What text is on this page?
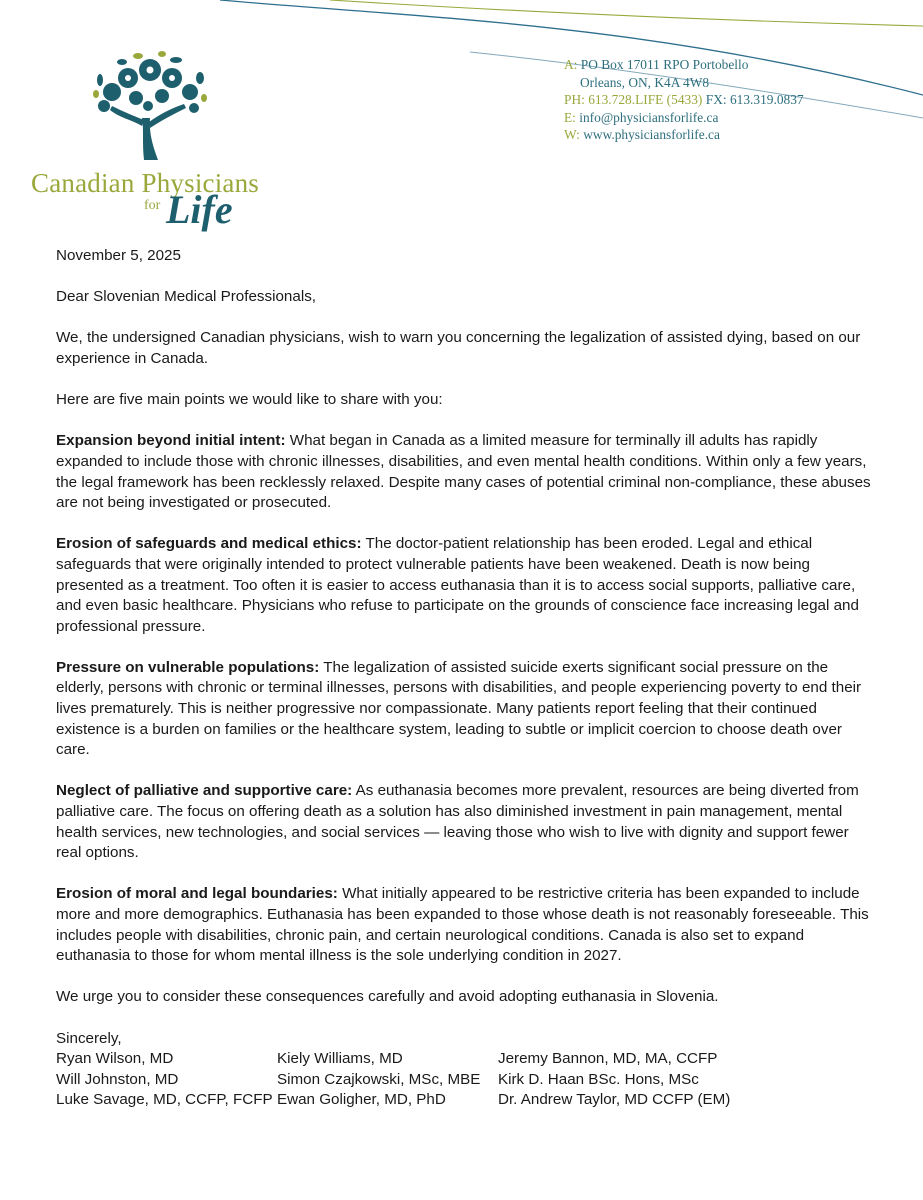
Canadian Physicians
for Life
A: PO Box 17011 RPO Portobello
Orleans, ON, K4A 4W8
PH: 613.728.LIFE (5433) FX: 613.319.0837
E: info@physiciansforlife.ca
W: www.physiciansforlife.ca

November 5, 2025

Dear Slovenian Medical Professionals,

We, the undersigned Canadian physicians, wish to warn you concerning the legalization of assisted dying, based on our experience in Canada.

Here are five main points we would like to share with you:

Expansion beyond initial intent: What began in Canada as a limited measure for terminally ill adults has rapidly expanded to include those with chronic illnesses, disabilities, and even mental health conditions. Within only a few years, the legal framework has been recklessly relaxed. Despite many cases of potential criminal non-compliance, these abuses are not being investigated or prosecuted.

Erosion of safeguards and medical ethics: The doctor-patient relationship has been eroded. Legal and ethical safeguards that were originally intended to protect vulnerable patients have been weakened. Death is now being presented as a treatment. Too often it is easier to access euthanasia than it is to access social supports, palliative care, and even basic healthcare. Physicians who refuse to participate on the grounds of conscience face increasing legal and professional pressure.

Pressure on vulnerable populations: The legalization of assisted suicide exerts significant social pressure on the elderly, persons with chronic or terminal illnesses, persons with disabilities, and people experiencing poverty to end their lives prematurely. This is neither progressive nor compassionate. Many patients report feeling that their continued existence is a burden on families or the healthcare system, leading to subtle or implicit coercion to choose death over care.

Neglect of palliative and supportive care: As euthanasia becomes more prevalent, resources are being diverted from palliative care. The focus on offering death as a solution has also diminished investment in pain management, mental health services, new technologies, and social services — leaving those who wish to live with dignity and support fewer real options.

Erosion of moral and legal boundaries: What initially appeared to be restrictive criteria has been expanded to include more and more demographics. Euthanasia has been expanded to those whose death is not reasonably foreseeable. This includes people with disabilities, chronic pain, and certain neurological conditions. Canada is also set to expand euthanasia to those for whom mental illness is the sole underlying condition in 2027.

We urge you to consider these consequences carefully and avoid adopting euthanasia in Slovenia.

Sincerely,
Ryan Wilson, MD	Kiely Williams, MD	Jeremy Bannon, MD, MA, CCFP
Will Johnston, MD	Simon Czajkowski, MSc, MBE	Kirk D. Haan BSc. Hons, MSc
Luke Savage, MD, CCFP, FCFP Ewan Goligher, MD, PhD	Dr. Andrew Taylor, MD CCFP (EM)
